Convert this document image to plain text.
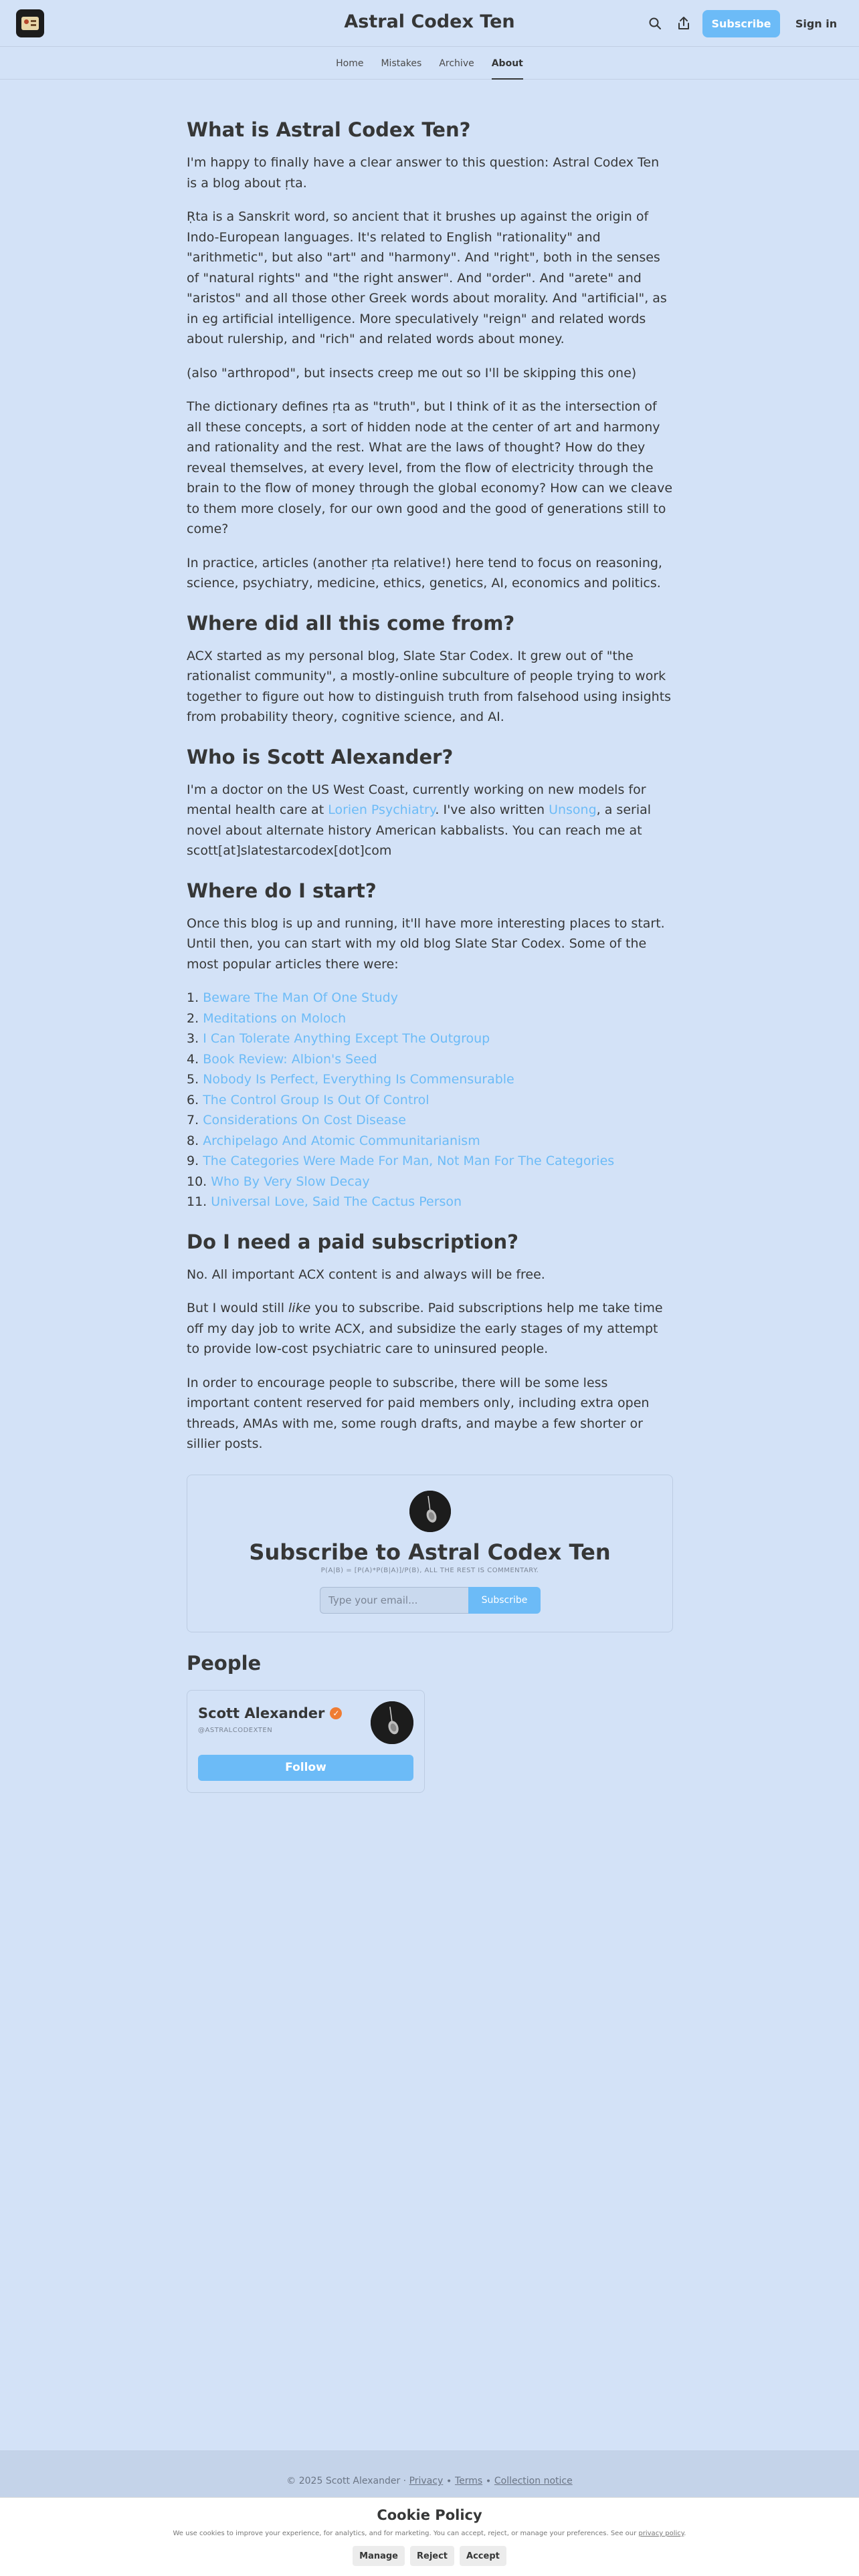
Astral Codex Ten	Subscribe	Sign in
Home	Mistakes	Archive	About
What is Astral Codex Ten?

I'm happy to finally have a clear answer to this question: Astral Codex Ten is a blog about ṛta.

Ṛta is a Sanskrit word, so ancient that it brushes up against the origin of Indo-European languages. It's related to English "rationality" and "arithmetic", but also "art" and "harmony". And "right", both in the senses of "natural rights" and "the right answer". And "order". And "arete" and "aristos" and all those other Greek words about morality. And "artificial", as in eg artificial intelligence. More speculatively "reign" and related words about rulership, and "rich" and related words about money.

(also "arthropod", but insects creep me out so I'll be skipping this one)

The dictionary defines ṛta as "truth", but I think of it as the intersection of all these concepts, a sort of hidden node at the center of art and harmony and rationality and the rest. What are the laws of thought? How do they reveal themselves, at every level, from the flow of electricity through the brain to the flow of money through the global economy? How can we cleave to them more closely, for our own good and the good of generations still to come?

In practice, articles (another ṛta relative!) here tend to focus on reasoning, science, psychiatry, medicine, ethics, genetics, AI, economics and politics.

Where did all this come from?

ACX started as my personal blog, Slate Star Codex. It grew out of "the rationalist community", a mostly-online subculture of people trying to work together to figure out how to distinguish truth from falsehood using insights from probability theory, cognitive science, and AI.

Who is Scott Alexander?

I'm a doctor on the US West Coast, currently working on new models for mental health care at Lorien Psychiatry. I've also written Unsong, a serial novel about alternate history American kabbalists. You can reach me at scott[at]slatestarcodex[dot]com

Where do I start?

Once this blog is up and running, it'll have more interesting places to start. Until then, you can start with my old blog Slate Star Codex. Some of the most popular articles there were:

1. Beware The Man Of One Study
2. Meditations on Moloch
3. I Can Tolerate Anything Except The Outgroup
4. Book Review: Albion's Seed
5. Nobody Is Perfect, Everything Is Commensurable
6. The Control Group Is Out Of Control
7. Considerations On Cost Disease
8. Archipelago And Atomic Communitarianism
9. The Categories Were Made For Man, Not Man For The Categories
10. Who By Very Slow Decay
11. Universal Love, Said The Cactus Person
Do I need a paid subscription?

No. All important ACX content is and always will be free.

But I would still like you to subscribe. Paid subscriptions help me take time off my day job to write ACX, and subsidize the early stages of my attempt to provide low-cost psychiatric care to uninsured people.

In order to encourage people to subscribe, there will be some less important content reserved for paid members only, including extra open threads, AMAs with me, some rough drafts, and maybe a few shorter or sillier posts.

Subscribe to Astral Codex Ten
P(A|B) = [P(A)*P(B|A)]/P(B), ALL THE REST IS COMMENTARY.
Type your email...
Subscribe
People
Scott Alexander ✓
@ASTRALCODEXTEN
Follow
© 2025 Scott Alexander · Privacy ∙ Terms ∙ Collection notice
Cookie Policy
We use cookies to improve your experience, for analytics, and for marketing. You can accept, reject, or manage your preferences. See our privacy policy.
Manage	Reject	Accept
